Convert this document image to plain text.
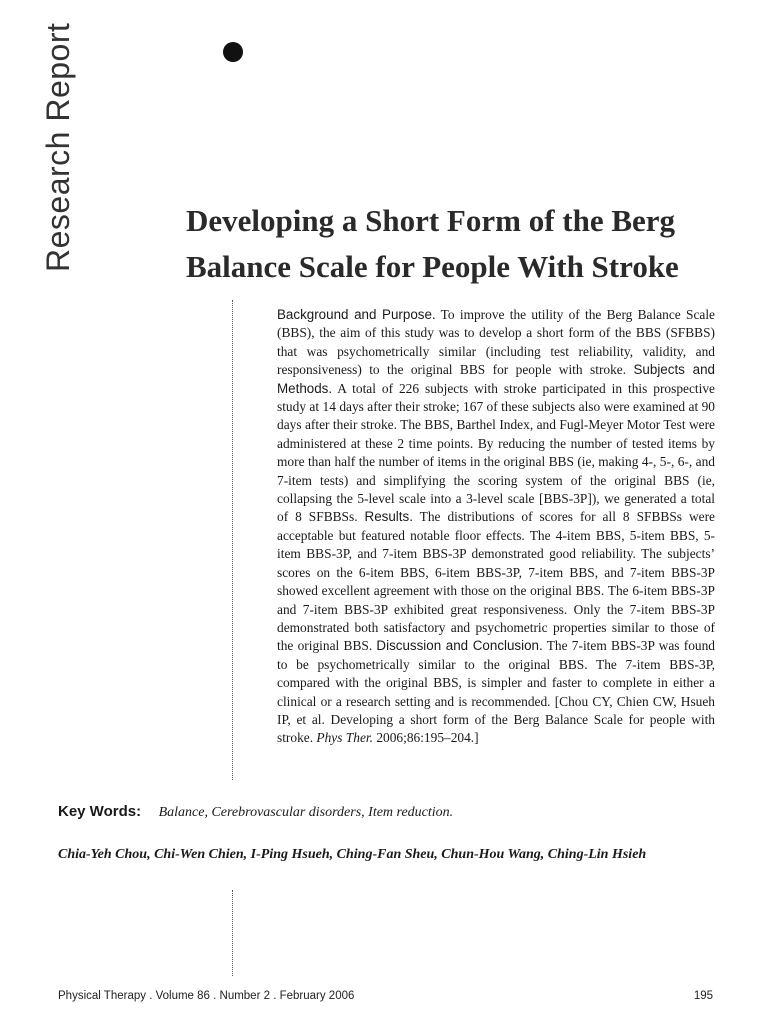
Research Report	Developing a Short Form of the Berg
Balance Scale for People With Stroke

Background and Purpose. To improve the utility of the Berg Balance Scale (BBS), the aim of this study was to develop a short form of the BBS (SFBBS) that was psychometrically similar (including test reliability, validity, and responsiveness) to the original BBS for people with stroke. Subjects and Methods. A total of 226 subjects with stroke participated in this prospective study at 14 days after their stroke; 167 of these subjects also were examined at 90 days after their stroke. The BBS, Barthel Index, and Fugl-Meyer Motor Test were administered at these 2 time points. By reducing the number of tested items by more than half the number of items in the original BBS (ie, making 4-, 5-, 6-, and 7-item tests) and simplifying the scoring system of the original BBS (ie, collapsing the 5-level scale into a 3-level scale [BBS-3P]), we generated a total of 8 SFBBSs. Results. The distributions of scores for all 8 SFBBSs were acceptable but featured notable floor effects. The 4-item BBS, 5-item BBS, 5-item BBS-3P, and 7-item BBS-3P demonstrated good reliability. The subjects’ scores on the 6-item BBS, 6-item BBS-3P, 7-item BBS, and 7-item BBS-3P showed excellent agreement with those on the original BBS. The 6-item BBS-3P and 7-item BBS-3P exhibited great responsiveness. Only the 7-item BBS-3P demonstrated both satisfactory and psychometric properties similar to those of the original BBS. Discussion and Conclusion. The 7-item BBS-3P was found to be psychometrically similar to the original BBS. The 7-item BBS-3P, compared with the original BBS, is simpler and faster to complete in either a clinical or a research setting and is recommended. [Chou CY, Chien CW, Hsueh IP, et al. Developing a short form of the Berg Balance Scale for people with stroke. Phys Ther. 2006;86:195–204.]

Key Words: Balance, Cerebrovascular disorders, Item reduction.
Chia-Yeh Chou, Chi-Wen Chien, I-Ping Hsueh, Ching-Fan Sheu, Chun-Hou Wang, Ching-Lin Hsieh
Physical Therapy . Volume 86 . Number 2 . February 2006	195
